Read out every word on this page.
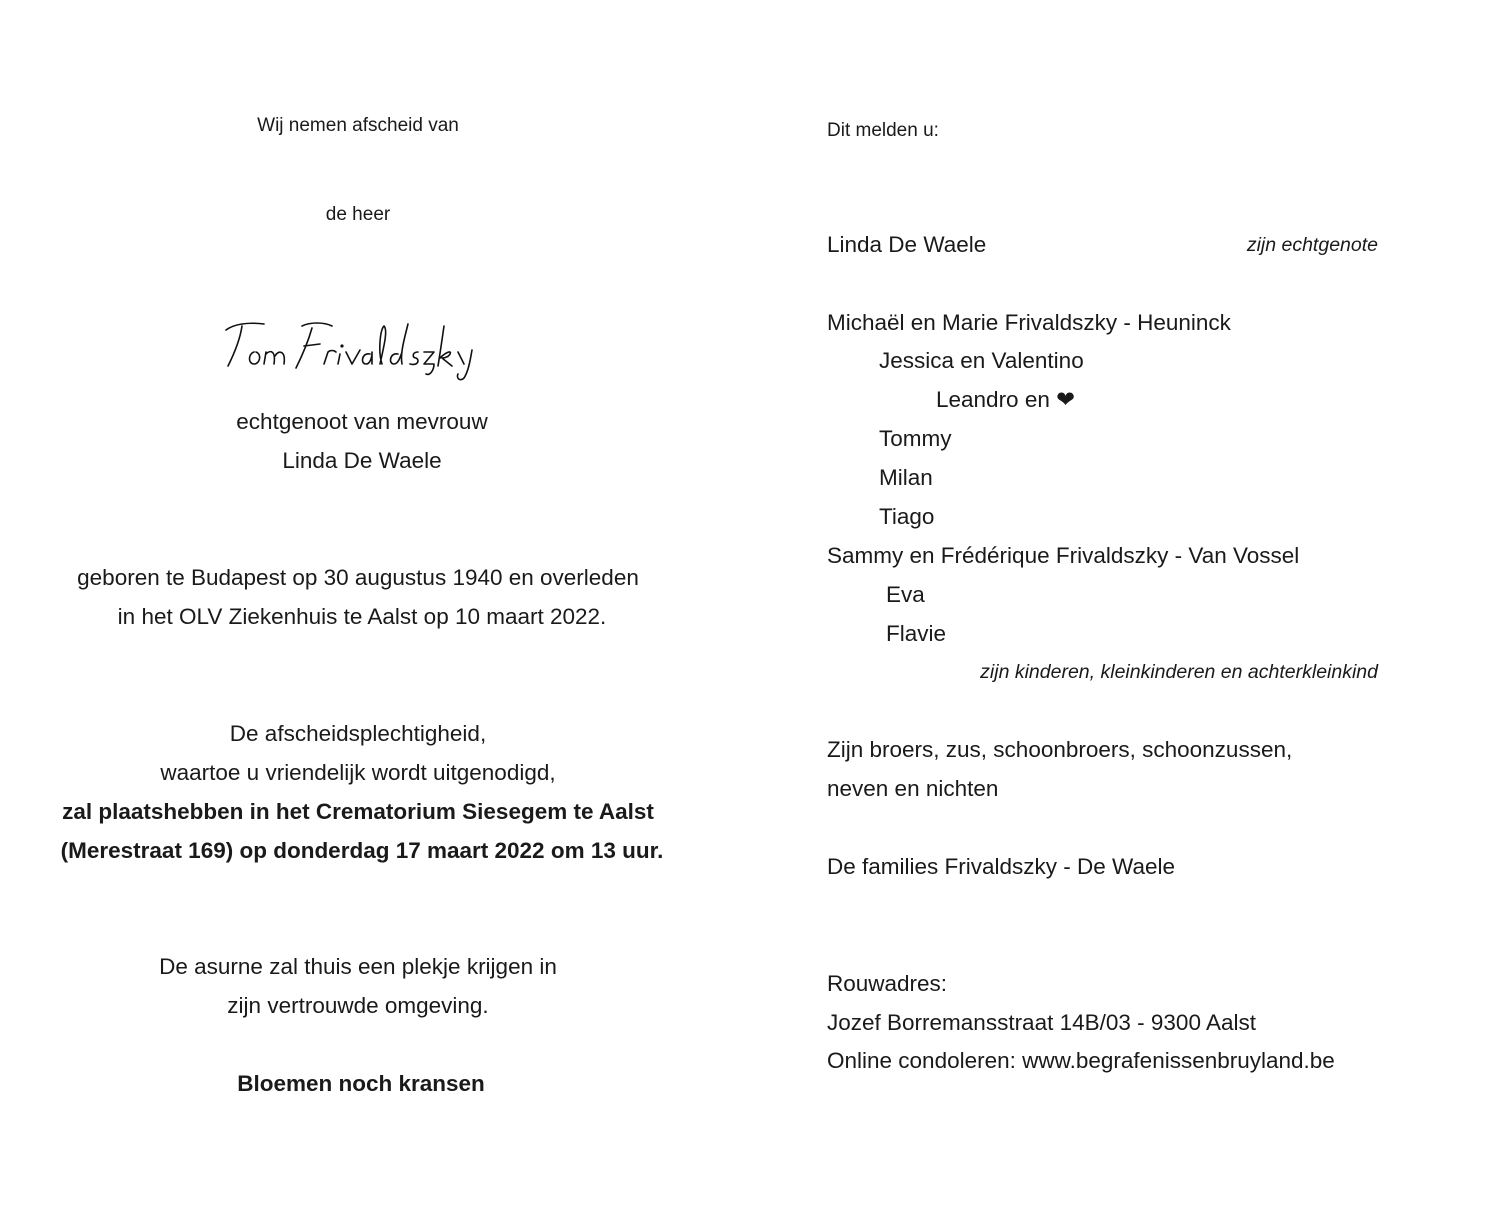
Wij nemen afscheid van
de heer
echtgenoot van mevrouw
Linda De Waele
geboren te Budapest op 30 augustus 1940 en overleden
in het OLV Ziekenhuis te Aalst op 10 maart 2022.
De afscheidsplechtigheid,
waartoe u vriendelijk wordt uitgenodigd,
zal plaatshebben in het Crematorium Siesegem te Aalst
(Merestraat 169) op donderdag 17 maart 2022 om 13 uur.
De asurne zal thuis een plekje krijgen in
zijn vertrouwde omgeving.
Bloemen noch kransen
Dit melden u:
Linda De Waele	zijn echtgenote
Michaël en Marie Frivaldszky - Heuninck
Jessica en Valentino
Leandro en ❤
Tommy
Milan
Tiago
Sammy en Frédérique Frivaldszky - Van Vossel
Eva
Flavie
zijn kinderen, kleinkinderen en achterkleinkind
Zijn broers, zus, schoonbroers, schoonzussen,
neven en nichten
De families Frivaldszky - De Waele
Rouwadres:
Jozef Borremansstraat 14B/03 - 9300 Aalst
Online condoleren: www.begrafenissenbruyland.be
